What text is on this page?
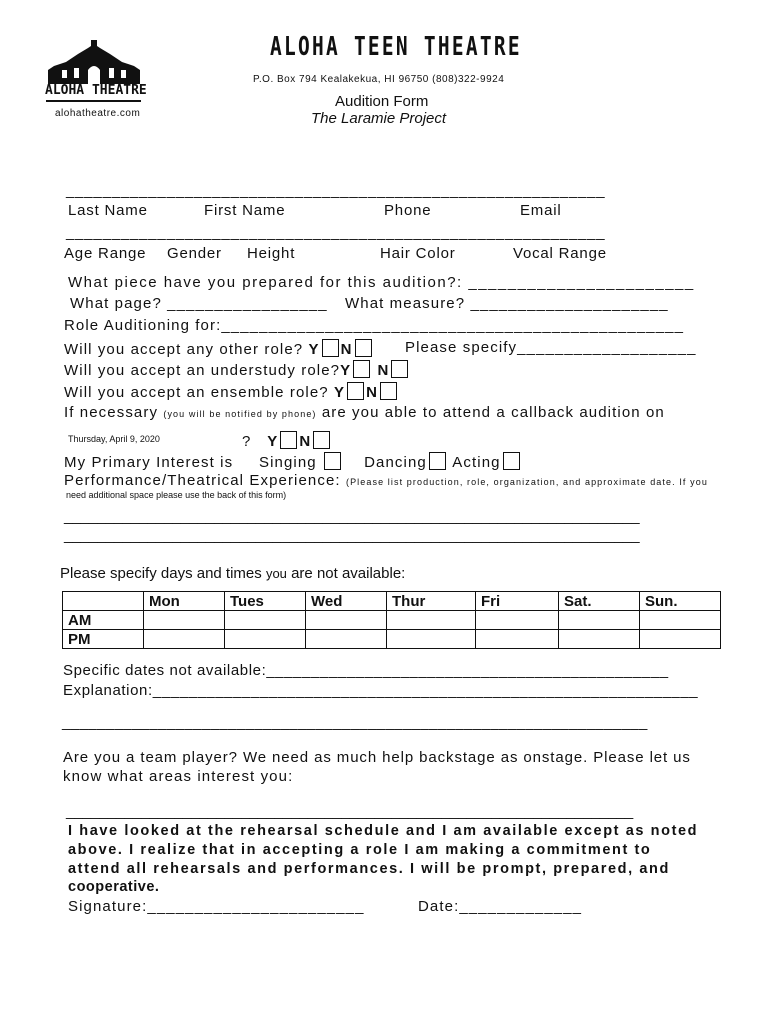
ALOHA THEATRE
alohatheatre.com
ALOHA TEEN THEATRE
P.O. Box 794 Kealakekua, HI 96750 (808)322-9924
Audition Form
The Laramie Project
___________________________________________________________
Last Name	First Name	Phone	Email
___________________________________________________________
Age Range Gender Height	Hair Color	Vocal Range
What piece have you prepared for this audition?: _______________________
What page? _________________ What measure? _____________________
Role Auditioning for:_________________________________________________
Will you accept any other role? Y N	Please specify___________________
Will you accept an understudy role?Y N
Will you accept an ensemble role? Y N
If necessary (you will be notified by phone) are you able to attend a callback audition on
Thursday, April 9, 2020	? Y N
My Primary Interest is Singing	Dancing Acting
Performance/Theatrical Experience: (Please list production, role, organization, and approximate date. If you
need additional space please use the back of this form)
_____________________________________________________________________
_____________________________________________________________________
Please specify days and times you are not available:
	Mon	Tues	Wed	Thur	Fri	Sat.	Sun.
AM							
PM							
Specific dates not available:_____________________________________________
Explanation:_____________________________________________________________
___________________________________________________________________
Are you a team player? We need as much help backstage as onstage. Please let us
know what areas interest you:
____________________________________________________________________
I have looked at the rehearsal schedule and I am available except as noted
above. I realize that in accepting a role I am making a commitment to
attend all rehearsals and performances. I will be prompt, prepared, and
cooperative.
Signature:_______________________	Date:_____________
